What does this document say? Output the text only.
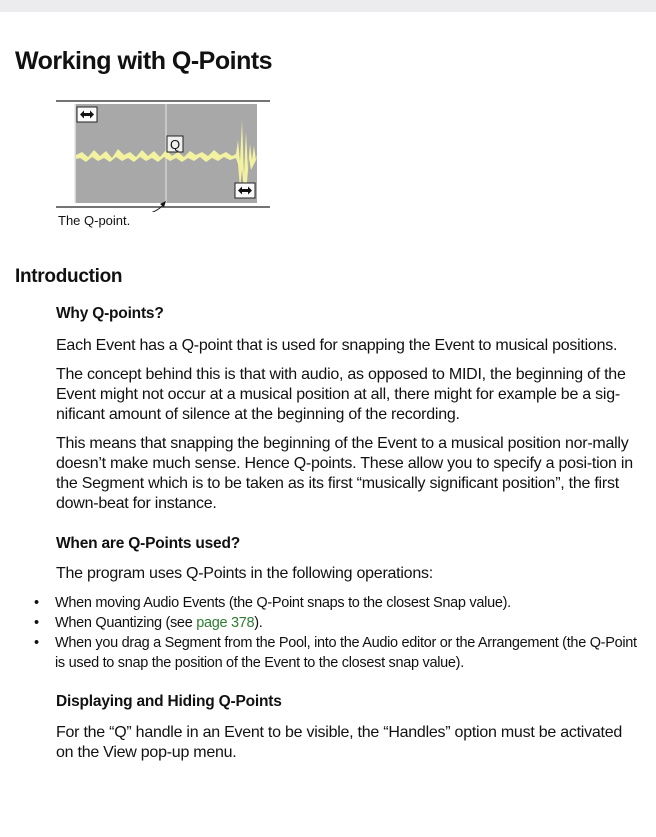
Working with Q-Points
Q
The Q-point.
Introduction
Why Q-points?

Each Event has a Q-point that is used for snapping the Event to musical positions.

The concept behind this is that with audio, as opposed to MIDI, the beginning of the Event might not occur at a musical position at all, there might for example be a sig-nificant amount of silence at the beginning of the recording.

This means that snapping the beginning of the Event to a musical position nor-mally doesn’t make much sense. Hence Q-points. These allow you to specify a posi-tion in the Segment which is to be taken as its first “musically significant position”, the first down-beat for instance.

When are Q-Points used?

The program uses Q-Points in the following operations:

• When moving Audio Events (the Q-Point snaps to the closest Snap value).
• When Quantizing (see page 378).
• When you drag a Segment from the Pool, into the Audio editor or the Arrangement (the Q-Point is used to snap the position of the Event to the closest snap value).
Displaying and Hiding Q-Points

For the “Q” handle in an Event to be visible, the “Handles” option must be activated on the View pop-up menu.
